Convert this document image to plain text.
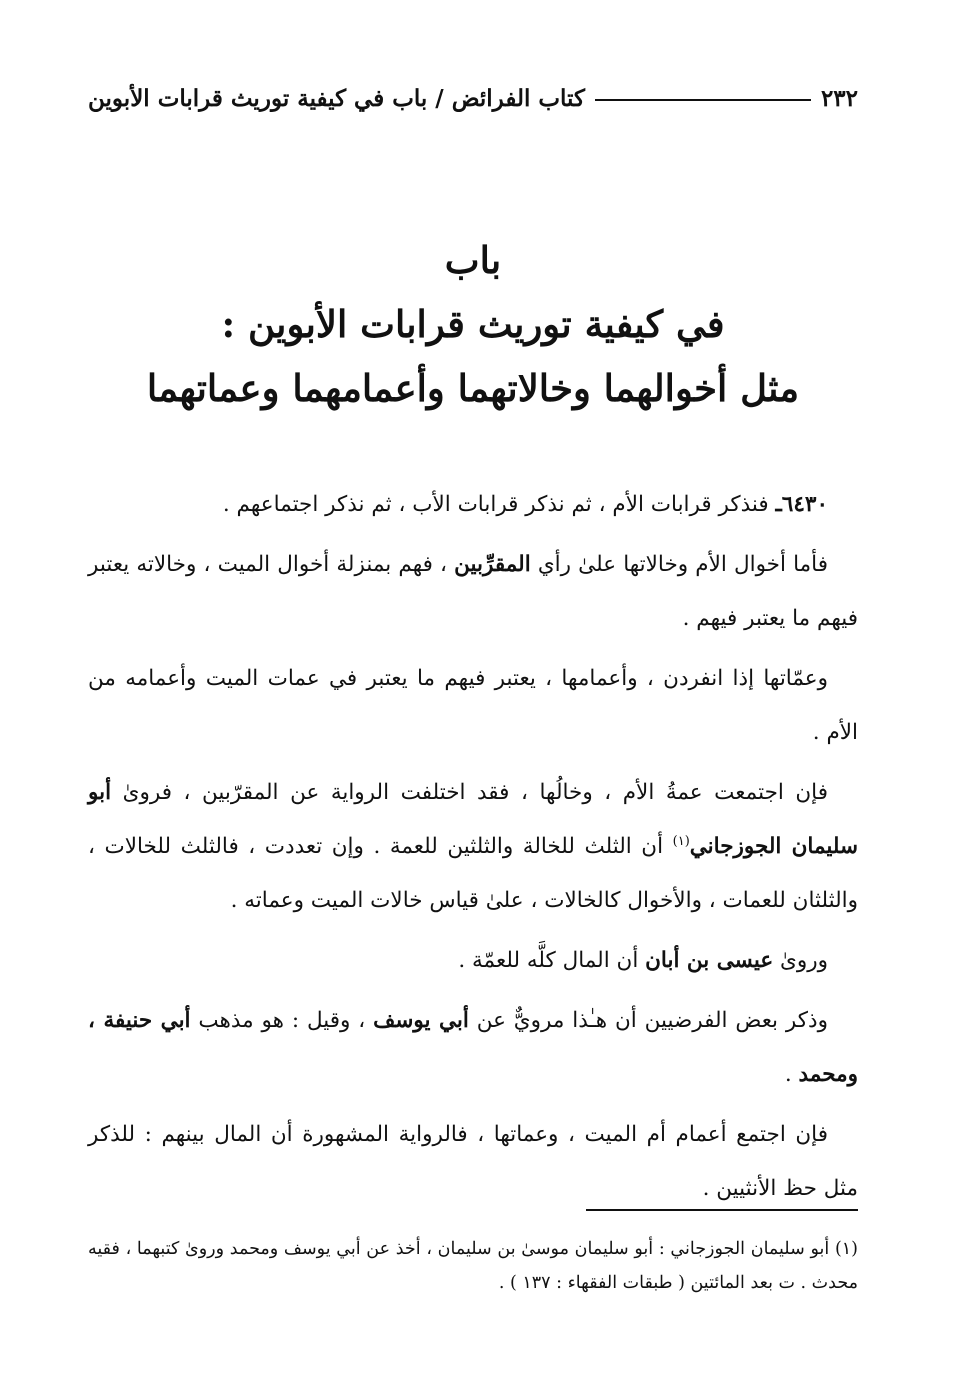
٢٣٢
كتاب الفرائض / باب في كيفية توريث قرابات الأبوين
باب
في كيفية توريث قرابات الأبوين :
مثل أخوالهما وخالاتهما وأعمامهما وعماتهما

٦٤٣٠ـ فنذكر قرابات الأم ، ثم نذكر قرابات الأب ، ثم نذكر اجتماعهم .

فأما أخوال الأم وخالاتها علىٰ رأي المقرِّبين ، فهم بمنزلة أخوال الميت ، وخالاته يعتبر فيهم ما يعتبر فيهم .

وعمّاتها إذا انفردن ، وأعمامها ، يعتبر فيهم ما يعتبر في عمات الميت وأعمامه من الأم .

فإن اجتمعت عمةُ الأم ، وخالُها ، فقد اختلفت الرواية عن المقرّبين ، فروىٰ أبو سليمان الجوزجاني$^{(١)}$ أن الثلث للخالة والثلثين للعمة . وإن تعددت ، فالثلث للخالات ، والثلثان للعمات ، والأخوال كالخالات ، علىٰ قياس خالات الميت وعماته .

وروىٰ عيسى بن أبان أن المال كلَّه للعمّة .

وذكر بعض الفرضيين أن هـٰذا مرويٌّ عن أبي يوسف ، وقيل : هو مذهب أبي حنيفة ، ومحمد .

فإن اجتمع أعمام أم الميت ، وعماتها ، فالرواية المشهورة أن المال بينهم : للذكر مثل حظ الأنثيين .

(١) أبو سليمان الجوزجاني : أبو سليمان موسىٰ بن سليمان ، أخذ عن أبي يوسف ومحمد وروىٰ كتبهما ، فقيه محدث . ت بعد المائتين ( طبقات الفقهاء : ١٣٧ ) .
